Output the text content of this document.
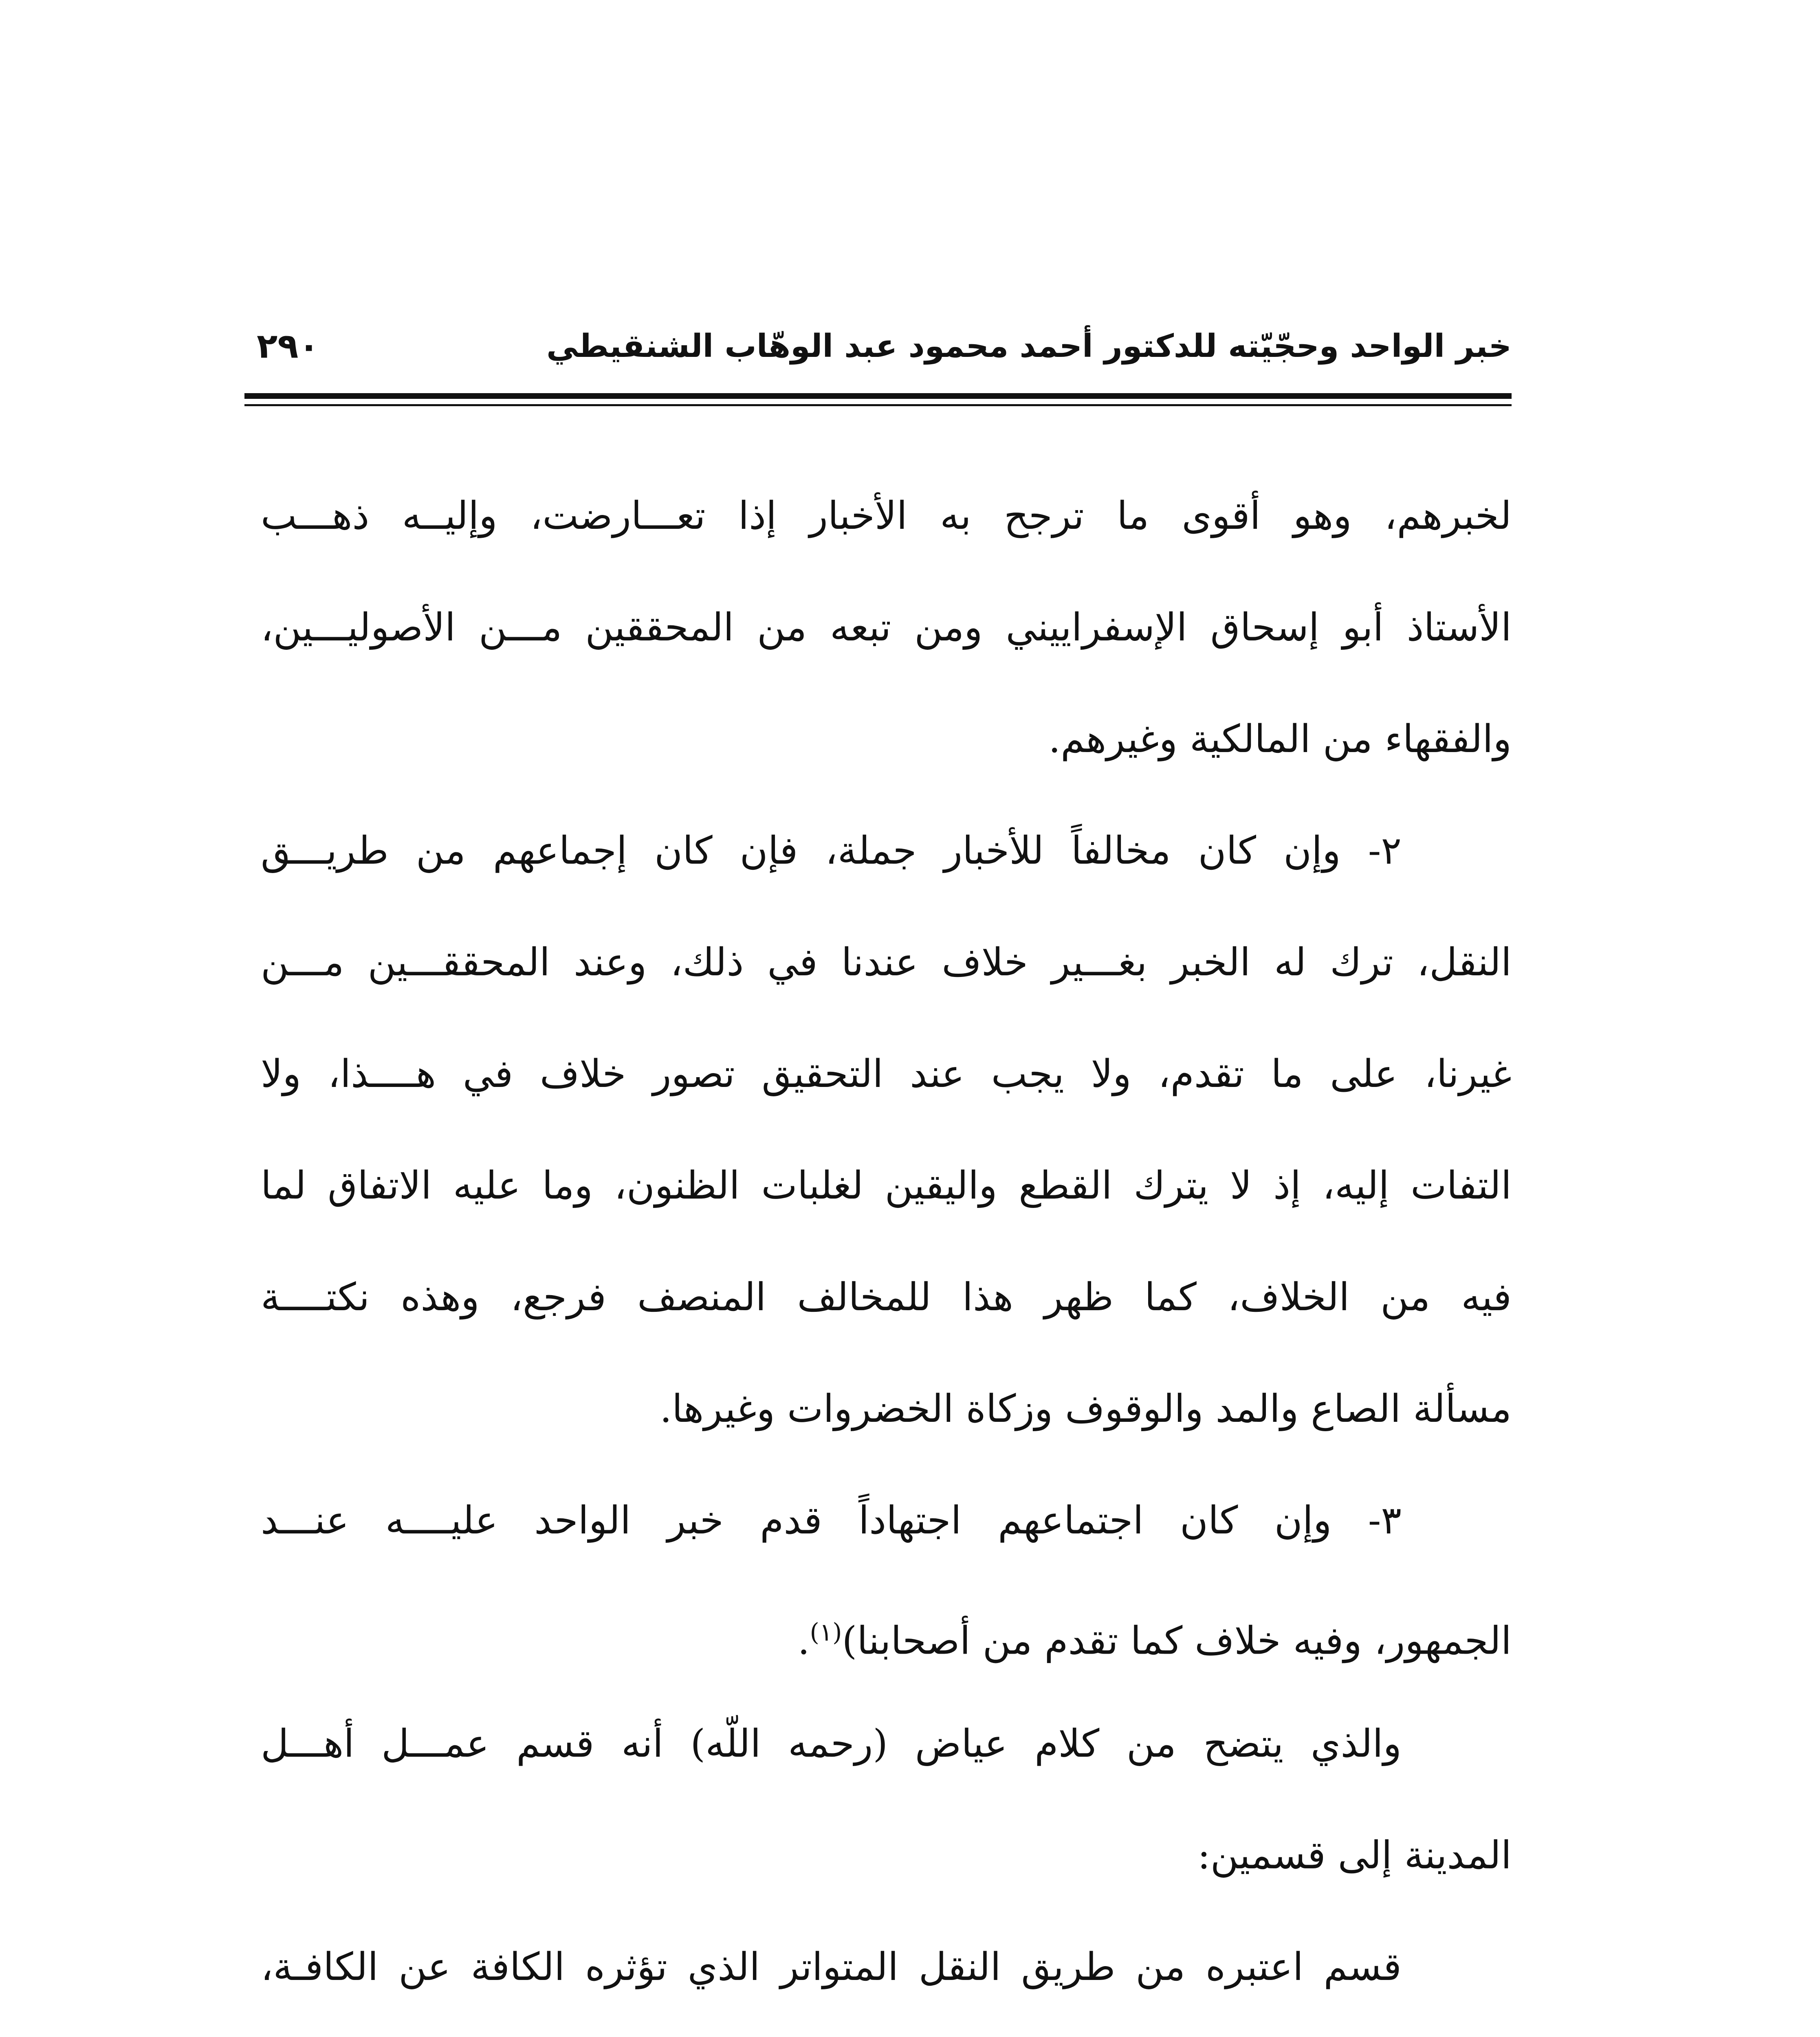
خبر الواحد وحجّيّته للدكتور أحمد محمود عبد الوهّاب الشنقيطي
٢٩٠
لخبرهم، وهو أقوى ما ترجح به الأخبار إذا تعـــارضت، وإليــه ذهـــب
الأستاذ أبو إسحاق الإسفراييني ومن تبعه من المحققين مـــن الأصوليـــين،
والفقهاء من المالكية وغيرهم.
٢- وإن كان مخالفاً للأخبار جملة، فإن كان إجماعهم من طريـــق
النقل، ترك له الخبر بغـــير خلاف عندنا في ذلك، وعند المحققـــين مـــن
غيرنا، على ما تقدم، ولا يجب عند التحقيق تصور خلاف في هــــذا، ولا
التفات إليه، إذ لا يترك القطع واليقين لغلبات الظنون، وما عليه الاتفاق لما
فيه من الخلاف، كما ظهر هذا للمخالف المنصف فرجع، وهذه نكتــــة
مسألة الصاع والمد والوقوف وزكاة الخضروات وغيرها.
٣- وإن كان اجتماعهم اجتهاداً قدم خبر الواحد عليــــه عنـــد
الجمهور، وفيه خلاف كما تقدم من أصحابنا)$^{(١)}$.
والذي يتضح من كلام عياض (رحمه اللّه) أنه قسم عمـــل أهـــل
المدينة إلى قسمين:
قسم اعتبره من طريق النقل المتواتر الذي تؤثره الكافة عن الكافـة،
